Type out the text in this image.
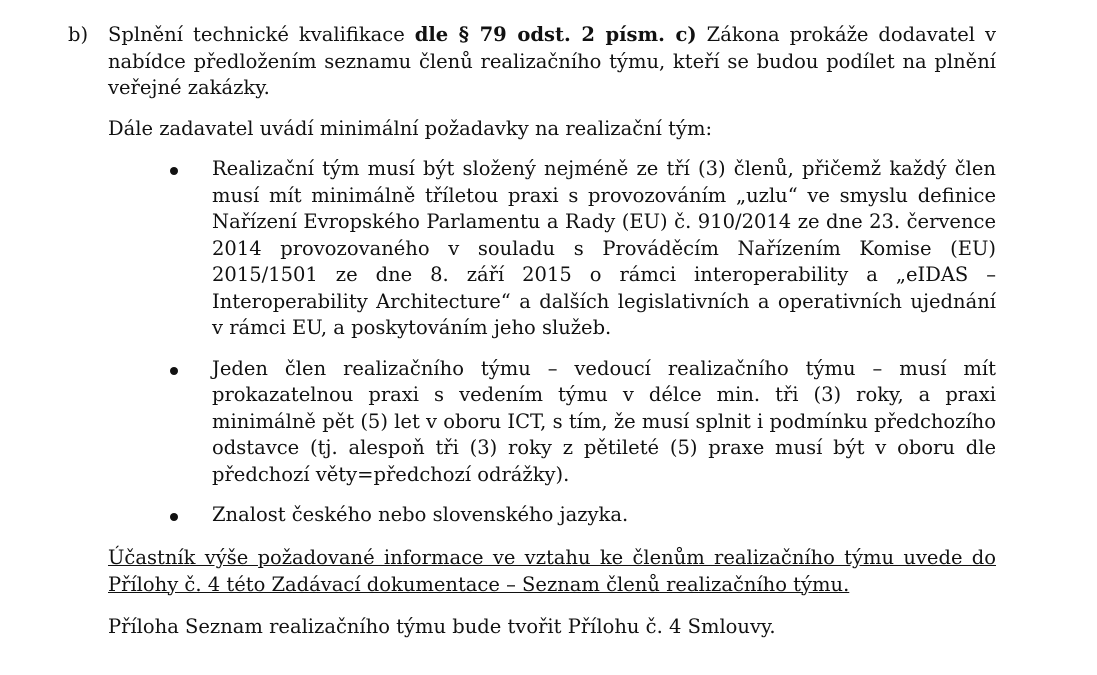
b)	Splnění technické kvalifikace dle § 79 odst. 2 písm. c) Zákona prokáže dodavatel v nabídce předložením seznamu členů realizačního týmu, kteří se budou podílet na plnění veřejné zakázky.
Dále zadavatel uvádí minimální požadavky na realizační tým:
Realizační tým musí být složený nejméně ze tří (3) členů, přičemž každý člen musí mít minimálně tříletou praxi s provozováním „uzlu“ ve smyslu definice Nařízení Evropského Parlamentu a Rady (EU) č. 910/2014 ze dne 23. července 2014 provozovaného v souladu s Prováděcím Nařízením Komise (EU) 2015/1501 ze dne 8. září 2015 o rámci interoperability a „eIDAS – Interoperability Architecture“ a dalších legislativních a operativních ujednání v rámci EU, a poskytováním jeho služeb.
Jeden člen realizačního týmu – vedoucí realizačního týmu – musí mít prokazatelnou praxi s vedením týmu v délce min. tři (3) roky, a praxi minimálně pět (5) let v oboru ICT, s tím, že musí splnit i podmínku předchozího odstavce (tj. alespoň tři (3) roky z pětileté (5) praxe musí být v oboru dle předchozí věty=předchozí odrážky).
Znalost českého nebo slovenského jazyka.
Účastník výše požadované informace ve vztahu ke členům realizačního týmu uvede do Přílohy č. 4 této Zadávací dokumentace – Seznam členů realizačního týmu.
Příloha Seznam realizačního týmu bude tvořit Přílohu č. 4 Smlouvy.
